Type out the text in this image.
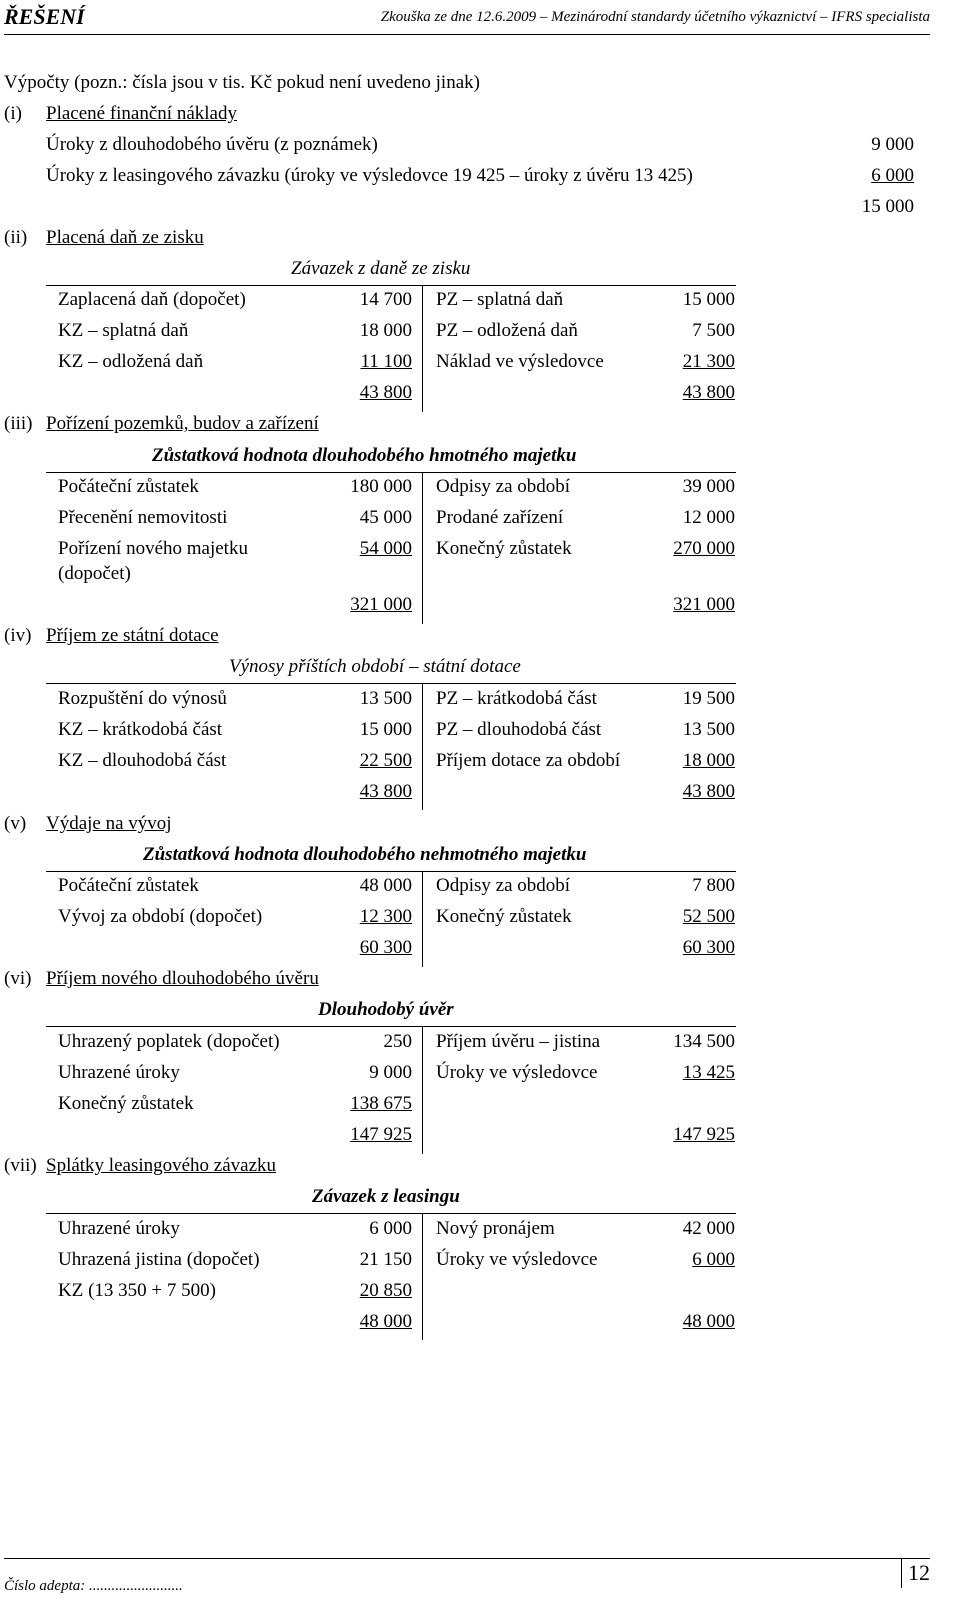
ŘEŠENÍ	Zkouška ze dne 12.6.2009 – Mezinárodní standardy účetního výkaznictví – IFRS specialista
Výpočty (pozn.: čísla jsou v tis. Kč pokud není uvedeno jinak)
(i) Placené finanční náklady
Úroky z dlouhodobého úvěru (z poznámek)	9 000
Úroky z leasingového závazku (úroky ve výsledovce 19 425 – úroky z úvěru 13 425)	6 000
15 000
(ii) Placená daň ze zisku
Závazek z daně ze zisku
Zaplacená daň (dopočet)	14 700 PZ – splatná daň	15 000
KZ – splatná daň	18 000 PZ – odložená daň	7 500
KZ – odložená daň	11 100 Náklad ve výsledovce	21 300
43 800	43 800
(iii) Pořízení pozemků, budov a zařízení
Zůstatková hodnota dlouhodobého hmotného majetku
Počáteční zůstatek	180 000 Odpisy za období	39 000
Přecenění nemovitosti	45 000 Prodané zařízení	12 000
Pořízení nového majetku	54 000 Konečný zůstatek	270 000
(dopočet)
321 000	321 000
(iv) Příjem ze státní dotace
Výnosy příštích období – státní dotace
Rozpuštění do výnosů	13 500 PZ – krátkodobá část	19 500
KZ – krátkodobá část	15 000 PZ – dlouhodobá část	13 500
KZ – dlouhodobá část	22 500 Příjem dotace za období	18 000
43 800	43 800
(v) Výdaje na vývoj
Zůstatková hodnota dlouhodobého nehmotného majetku
Počáteční zůstatek	48 000 Odpisy za období	7 800
Vývoj za období (dopočet)	12 300 Konečný zůstatek	52 500
60 300	60 300
(vi) Příjem nového dlouhodobého úvěru
Dlouhodobý úvěr
Uhrazený poplatek (dopočet)	250 Příjem úvěru – jistina	134 500
Uhrazené úroky	9 000 Úroky ve výsledovce	13 425
Konečný zůstatek	138 675
147 925	147 925
(vii) Splátky leasingového závazku
Závazek z leasingu
Uhrazené úroky	6 000 Nový pronájem	42 000
Uhrazená jistina (dopočet)	21 150 Úroky ve výsledovce	6 000
KZ (13 350 + 7 500)	20 850
48 000	48 000
Číslo adepta: .........................
12
